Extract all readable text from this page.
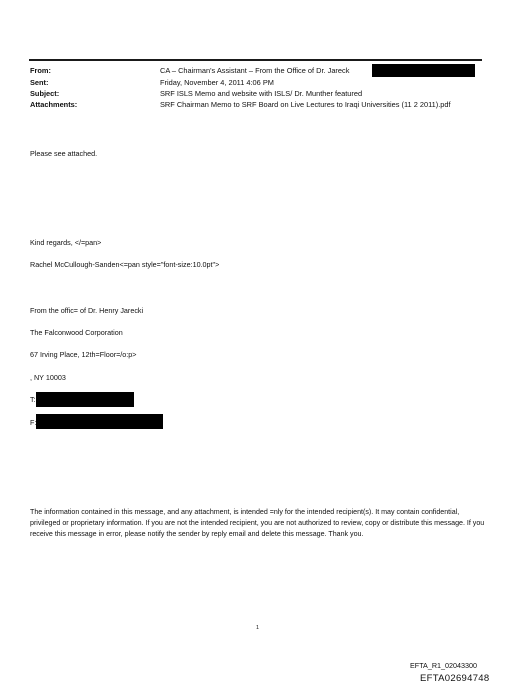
From:	CA – Chairman's Assistant – From the Office of Dr. Jareck
Sent:	Friday, November 4, 2011 4:06 PM
Subject:	SRF ISLS Memo and website with ISLS/ Dr. Munther featured
Attachments:	SRF Chairman Memo to SRF Board on Live Lectures to Iraqi Universities (11 2 2011).pdf
Please see attached.
Kind regards, </=pan>
Rachel McCullough-Sanden<=pan style="font-size:10.0pt">
From the offic= of Dr. Henry Jarecki
The Falconwood Corporation
67 Irving Place, 12th=Floor=/o:p>
, NY 10003
T:
F:
The information contained in this message, and any attachment, is intended =nly for the intended recipient(s). It may contain confidential, privileged or proprietary information. If you are not the intended recipient, you are not authorized to review, copy or distribute this message. If you receive this message in error, please notify the sender by reply email and delete this message. Thank you.
1
EFTA_R1_02043300
EFTA02694748
